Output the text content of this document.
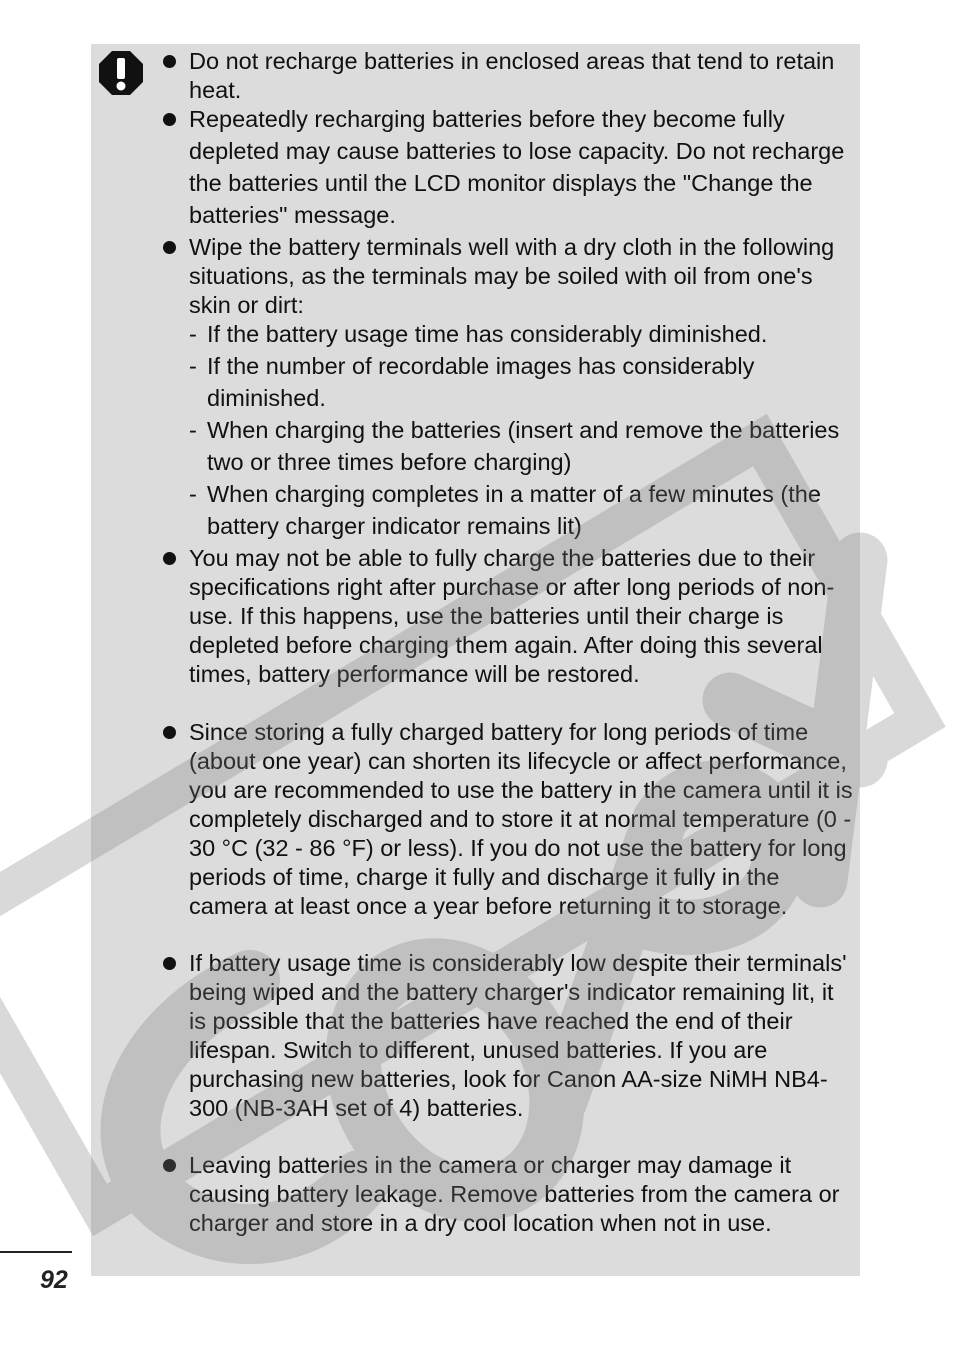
Do not recharge batteries in enclosed areas that tend to retain heat.
Repeatedly recharging batteries before they become fully depleted may cause batteries to lose capacity. Do not recharge the batteries until the LCD monitor displays the "Change the batteries" message.
Wipe the battery terminals well with a dry cloth in the following situations, as the terminals may be soiled with oil from one's skin or dirt:
- If the battery usage time has considerably diminished.
- If the number of recordable images has considerably diminished.
- When charging the batteries (insert and remove the batteries two or three times before charging)
- When charging completes in a matter of a few minutes (the battery charger indicator remains lit)
You may not be able to fully charge the batteries due to their specifications right after purchase or after long periods of non-use. If this happens, use the batteries until their charge is depleted before charging them again. After doing this several times, battery performance will be restored.
Since storing a fully charged battery for long periods of time (about one year) can shorten its lifecycle or affect performance, you are recommended to use the battery in the camera until it is completely discharged and to store it at normal temperature (0 - 30 °C (32 - 86 °F) or less). If you do not use the battery for long periods of time, charge it fully and discharge it fully in the camera at least once a year before returning it to storage.
If battery usage time is considerably low despite their terminals' being wiped and the battery charger's indicator remaining lit, it is possible that the batteries have reached the end of their lifespan. Switch to different, unused batteries. If you are purchasing new batteries, look for Canon AA-size NiMH NB4-300 (NB-3AH set of 4) batteries.
Leaving batteries in the camera or charger may damage it causing battery leakage. Remove batteries from the camera or charger and store in a dry cool location when not in use.
92
